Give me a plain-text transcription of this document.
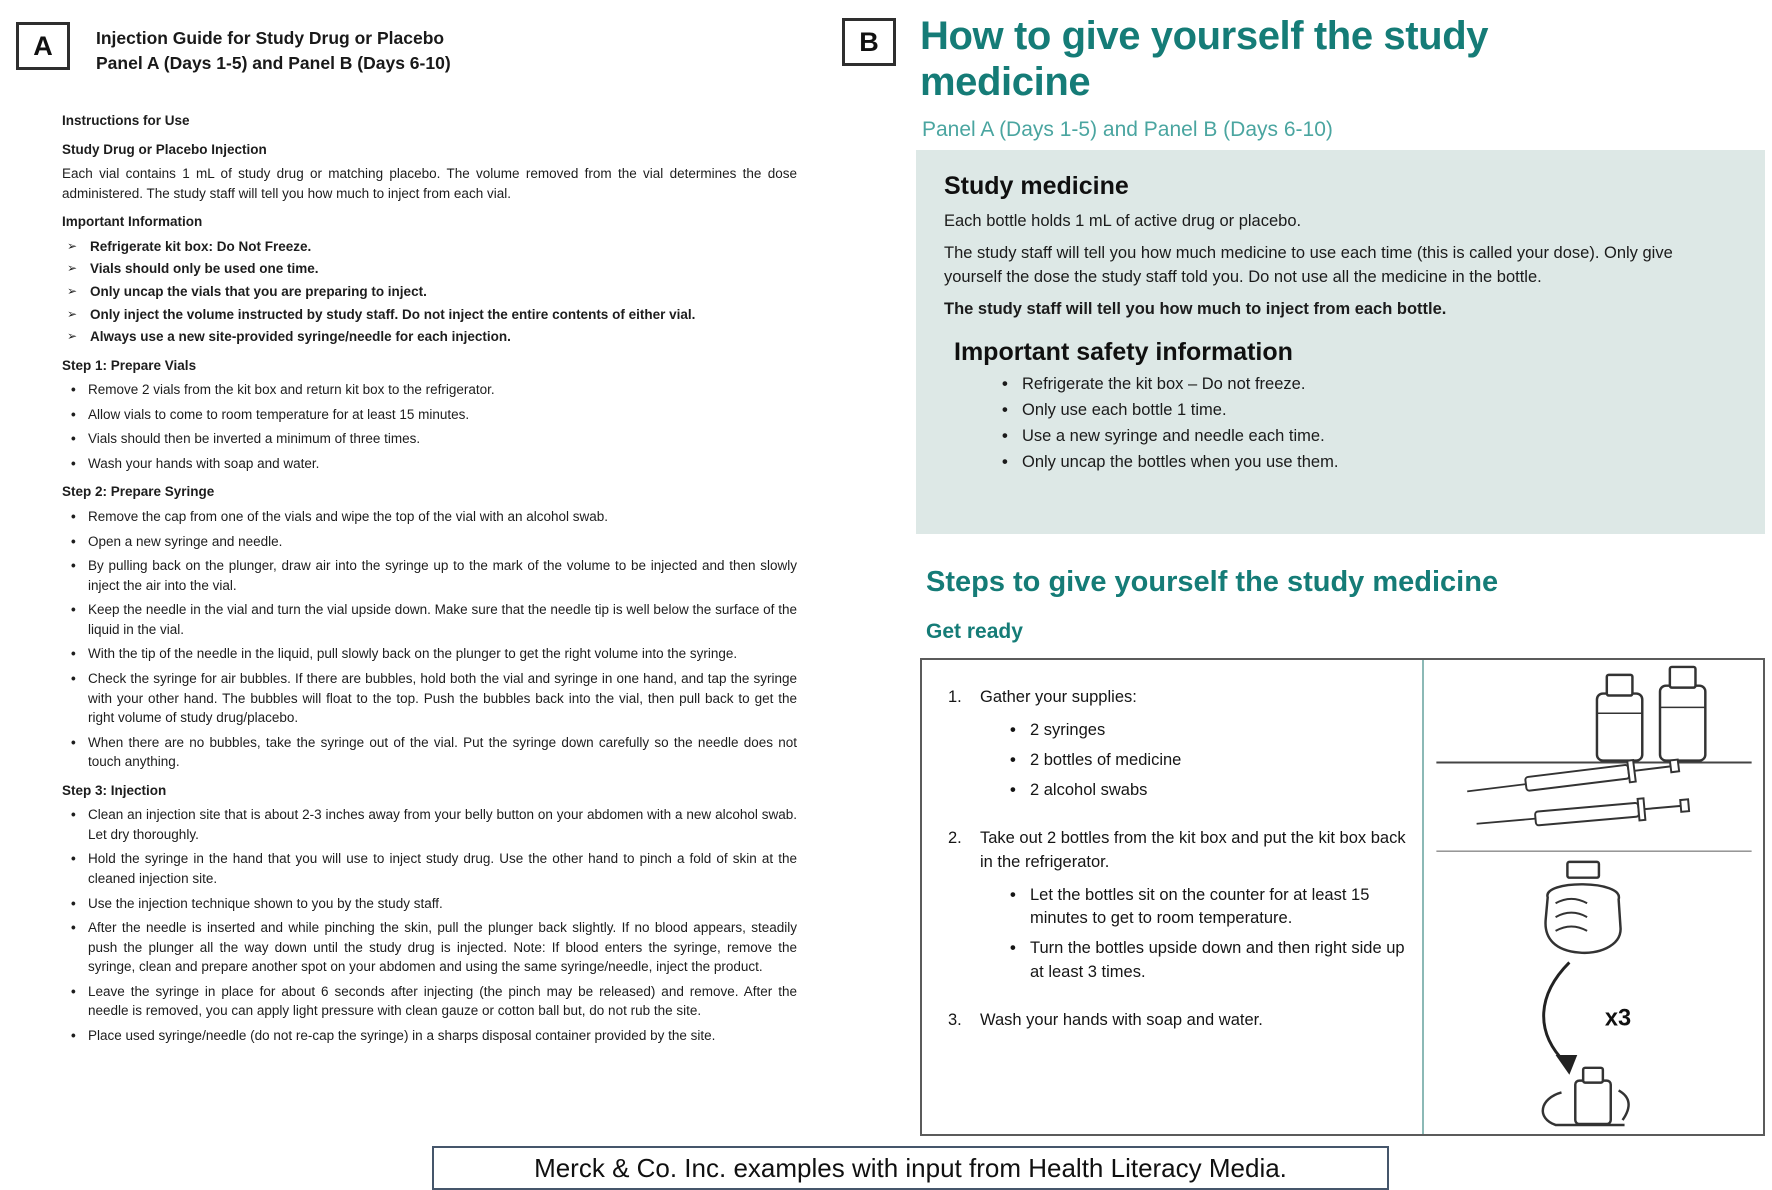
A Injection Guide for Study Drug or Placebo
Panel A (Days 1-5) and Panel B (Days 6-10)
Instructions for Use
Study Drug or Placebo Injection
Each vial contains 1 mL of study drug or matching placebo. The volume removed from the vial determines the dose administered. The study staff will tell you how much to inject from each vial.
Important Information
➢ Refrigerate kit box: Do Not Freeze.
➢ Vials should only be used one time.
➢ Only uncap the vials that you are preparing to inject.
➢ Only inject the volume instructed by study staff. Do not inject the entire contents of either vial.
➢ Always use a new site-provided syringe/needle for each injection.
Step 1: Prepare Vials
• Remove 2 vials from the kit box and return kit box to the refrigerator.
• Allow vials to come to room temperature for at least 15 minutes.
• Vials should then be inverted a minimum of three times.
• Wash your hands with soap and water.
Step 2: Prepare Syringe
• Remove the cap from one of the vials and wipe the top of the vial with an alcohol swab.
• Open a new syringe and needle.
• By pulling back on the plunger, draw air into the syringe up to the mark of the volume to be injected and then slowly inject the air into the vial.
• Keep the needle in the vial and turn the vial upside down. Make sure that the needle tip is well below the surface of the liquid in the vial.
• With the tip of the needle in the liquid, pull slowly back on the plunger to get the right volume into the syringe.
• Check the syringe for air bubbles. If there are bubbles, hold both the vial and syringe in one hand, and tap the syringe with your other hand. The bubbles will float to the top. Push the bubbles back into the vial, then pull back to get the right volume of study drug/placebo.
• When there are no bubbles, take the syringe out of the vial. Put the syringe down carefully so the needle does not touch anything.
Step 3: Injection
• Clean an injection site that is about 2-3 inches away from your belly button on your abdomen with a new alcohol swab. Let dry thoroughly.
• Hold the syringe in the hand that you will use to inject study drug. Use the other hand to pinch a fold of skin at the cleaned injection site.
• Use the injection technique shown to you by the study staff.
• After the needle is inserted and while pinching the skin, pull the plunger back slightly. If no blood appears, steadily push the plunger all the way down until the study drug is injected. Note: If blood enters the syringe, remove the syringe, clean and prepare another spot on your abdomen and using the same syringe/needle, inject the product.
• Leave the syringe in place for about 6 seconds after injecting (the pinch may be released) and remove. After the needle is removed, you can apply light pressure with clean gauze or cotton ball but, do not rub the site.
• Place used syringe/needle (do not re-cap the syringe) in a sharps disposal container provided by the site.
B How to give yourself the study medicine
Panel A (Days 1-5) and Panel B (Days 6-10)
Study medicine
Each bottle holds 1 mL of active drug or placebo.
The study staff will tell you how much medicine to use each time (this is called your dose). Only give yourself the dose the study staff told you. Do not use all the medicine in the bottle.
The study staff will tell you how much to inject from each bottle.
Important safety information
• Refrigerate the kit box – Do not freeze.
• Only use each bottle 1 time.
• Use a new syringe and needle each time.
• Only uncap the bottles when you use them.
Steps to give yourself the study medicine
Get ready
1.	Gather your supplies:
• 2 syringes
• 2 bottles of medicine
• 2 alcohol swabs
2.	Take out 2 bottles from the kit box and put the kit box back in the refrigerator.
• Let the bottles sit on the counter for at least 15 minutes to get to room temperature.
• Turn the bottles upside down and then right side up at least 3 times.
3.	Wash your hands with soap and water.	x3
Merck & Co. Inc. examples with input from Health Literacy Media.
